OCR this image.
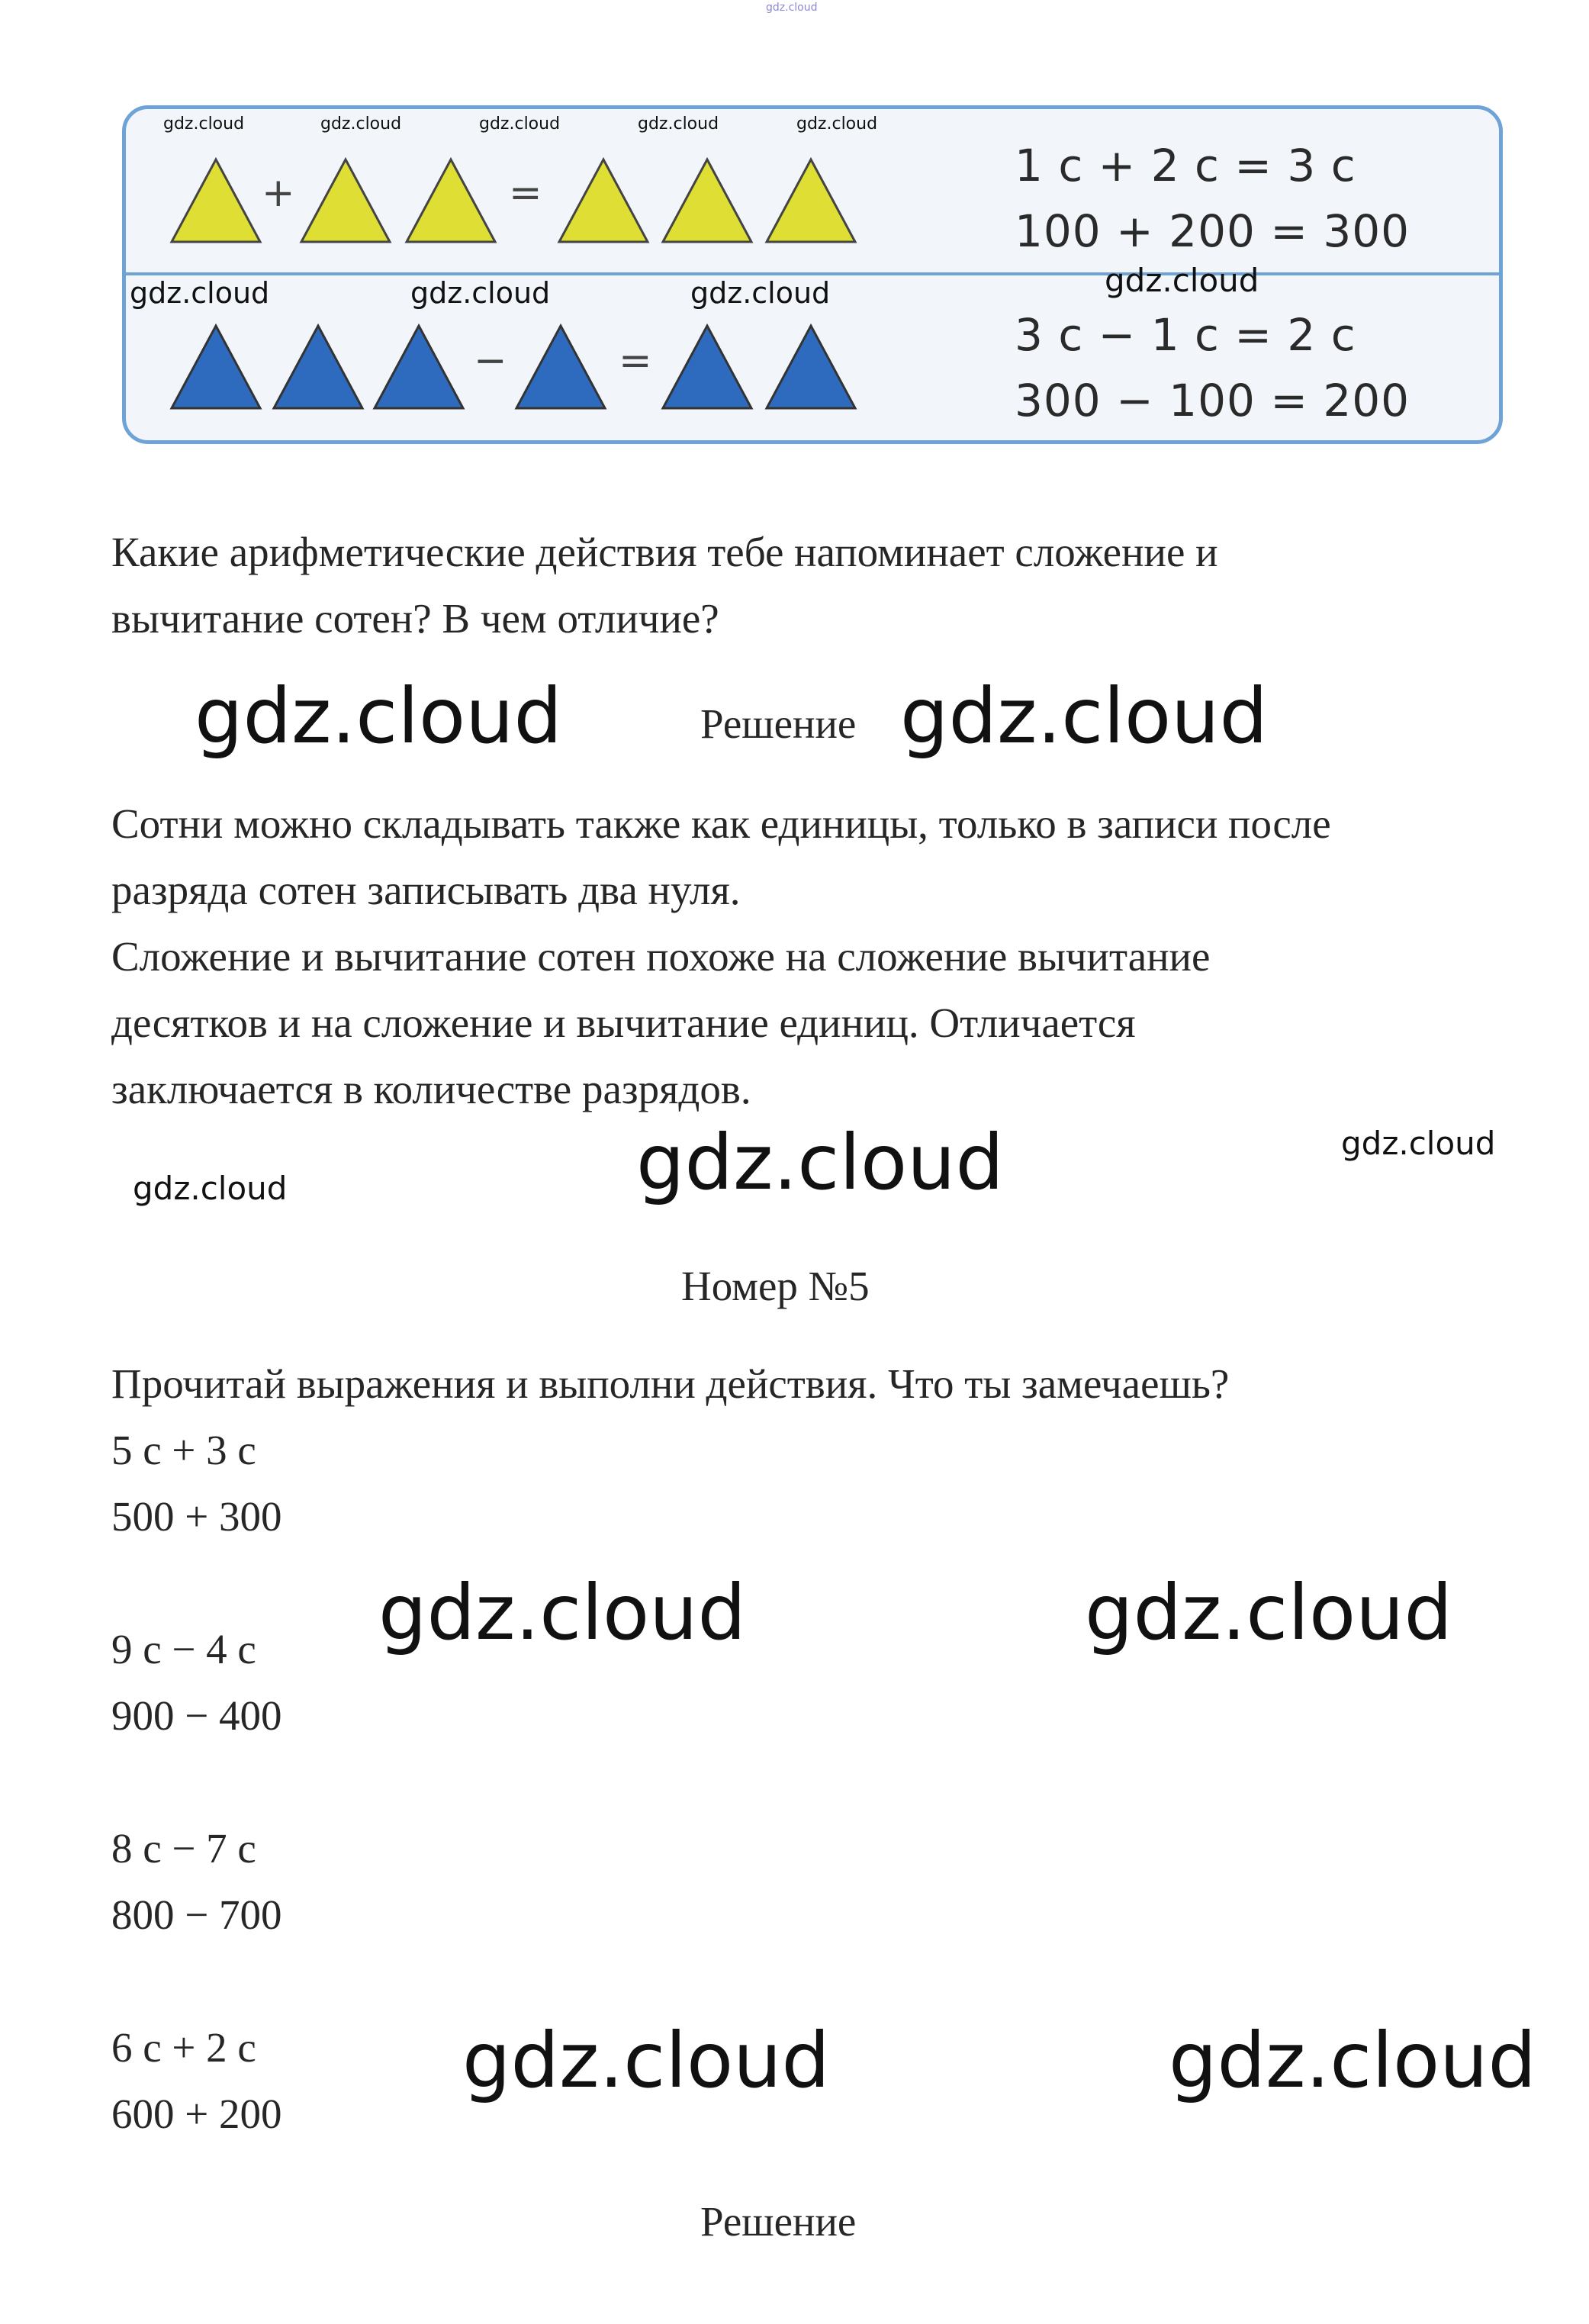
gdz.cloud
+	=
1 с + 2 с = 3 с
100 + 200 = 300
−	=	3 с − 1 с = 2 с
300 − 100 = 200
gdz.cloud	gdz.cloud	gdz.cloud	gdz.cloud	gdz.cloud
gdz.cloud	gdz.cloud	gdz.cloud	gdz.cloud
Какие арифметические действия тебе напоминает сложение и
вычитание сотен? В чем отличие?
gdz.cloud	Решение gdz.cloud
Сотни можно складывать также как единицы, только в записи после
разряда сотен записывать два нуля.
Сложение и вычитание сотен похоже на сложение вычитание
десятков и на сложение и вычитание единиц. Отличается
заключается в количестве разрядов.
gdz.cloud	gdz.cloud
gdz.cloud
Номер №5
Прочитай выражения и выполни действия. Что ты замечаешь?
5 с + 3 с
500 + 300
9 с − 4 с
900 − 400
8 с − 7 с
800 − 700
6 с + 2 с
600 + 200
gdz.cloud	gdz.cloud
gdz.cloud	gdz.cloud
Решение
